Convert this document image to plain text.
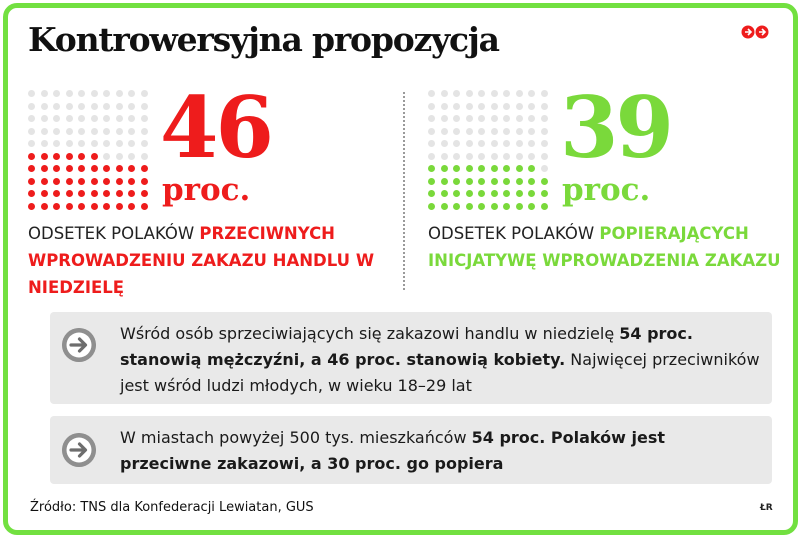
Kontrowersyjna propozycja
46
proc.
ODSETEK POLAKÓW PRZECIWNYCH WPROWADZENIU ZAKAZU HANDLU W NIEDZIELĘ
39
proc.
ODSETEK POLAKÓW POPIERAJĄCYCH INICJATYWĘ WPROWADZENIA ZAKAZU
Wśród osób sprzeciwiających się zakazowi handlu w niedzielę 54 proc. stanowią mężczyźni, a 46 proc. stanowią kobiety. Najwięcej przeciwników jest wśród ludzi młodych, w wieku 18–29 lat
W miastach powyżej 500 tys. mieszkańców 54 proc. Polaków jest przeciwne zakazowi, a 30 proc. go popiera
Źródło: TNS dla Konfederacji Lewiatan, GUS	ŁR
